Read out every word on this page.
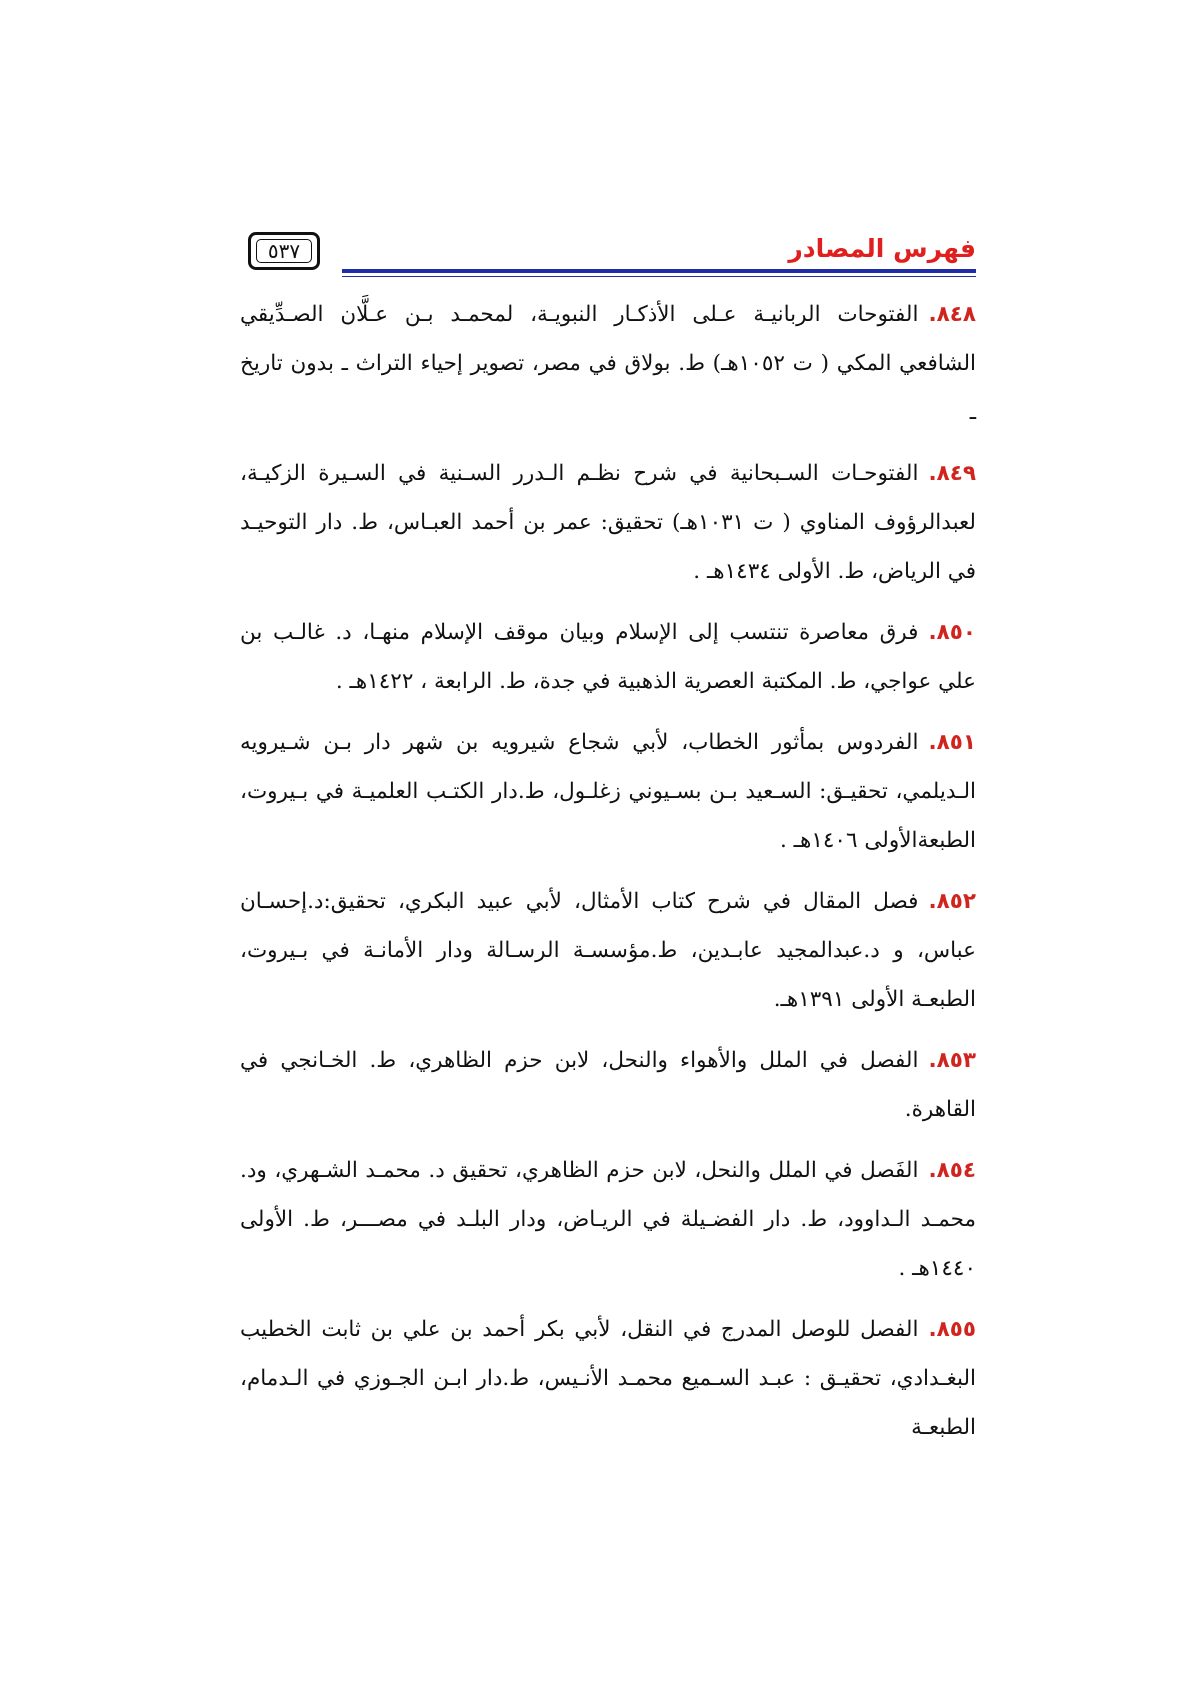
فهرس المصادر
٥٣٧

٨٤٨.الفتوحات الربانيـة عـلى الأذكـار النبويـة، لمحمـد بـن عـلَّان الصـدِّيقي الشافعي المكي ( ت ١٠٥٢هـ) ط. بولاق في مصر، تصوير إحياء التراث ـ بدون تاريخ ـ

٨٤٩.الفتوحـات السـبحانية في شرح نظـم الـدرر السـنية في السـيرة الزكيـة، لعبدالرؤوف المناوي ( ت ١٠٣١هـ) تحقيق: عمر بن أحمد العبـاس، ط. دار التوحيـد في الرياض، ط. الأولى ١٤٣٤هـ .

٨٥٠.فرق معاصرة تنتسب إلى الإسلام وبيان موقف الإسلام منهـا، د. غالـب بن علي عواجي، ط. المكتبة العصرية الذهبية في جدة، ط. الرابعة ، ١٤٢٢هـ .

٨٥١.الفردوس بمأثور الخطاب، لأبي شجاع شيرويه بن شهر دار بـن شـيرويه الـديلمي، تحقيـق: السـعيد بـن بسـيوني زغلـول، ط.دار الكتـب العلميـة في بـيروت، الطبعةالأولى ١٤٠٦هـ .

٨٥٢.فصل المقال في شرح كتاب الأمثال، لأبي عبيد البكري، تحقيق:د.إحسـان عباس، و د.عبدالمجيد عابـدين، ط.مؤسسـة الرسـالة ودار الأمانـة في بـيروت، الطبعـة الأولى ١٣٩١هـ.

٨٥٣.الفصل في الملل والأهواء والنحل، لابن حزم الظاهري، ط. الخـانجي في القاهرة.

٨٥٤.الفَصل في الملل والنحل، لابن حزم الظاهري، تحقيق د. محمـد الشـهري، ود. محمـد الـداوود، ط. دار الفضـيلة في الريـاض، ودار البلـد في مصـــر، ط. الأولى ١٤٤٠هـ .

٨٥٥.الفصل للوصل المدرج في النقل، لأبي بكر أحمد بن علي بن ثابت الخطيب البغـدادي، تحقيـق : عبـد السـميع محمـد الأنـيس، ط.دار ابـن الجـوزي في الـدمام، الطبعـة
